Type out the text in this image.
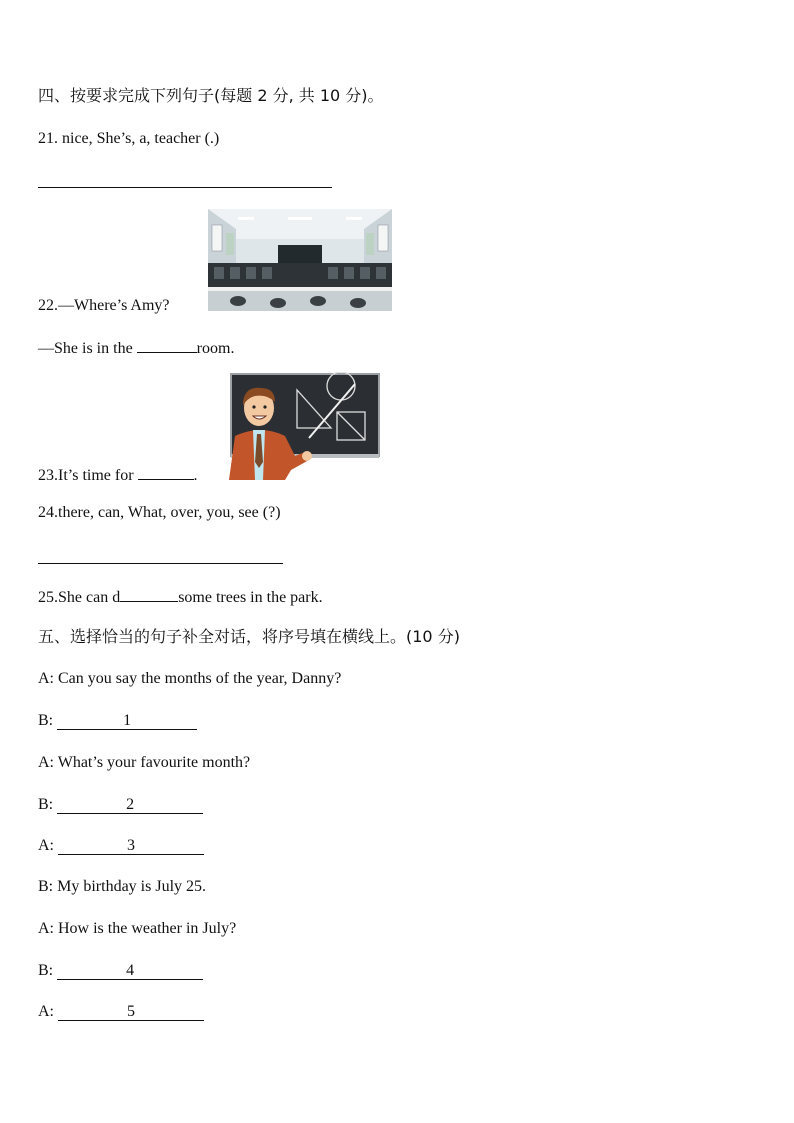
四、按要求完成下列句子(每题 2 分, 共 10 分)。
21. nice, She’s, a, teacher (.)
22.—Where’s Amy?
—She is in the	room.
23.It’s time for	.
24.there, can, What, over, you, see (?)
25.She can d	some trees in the park.
五、选择恰当的句子补全对话，将序号填在横线上。(10 分)
A: Can you say the months of the year, Danny?
B:	1
A: What’s your favourite month?
B:	2
A:	3
B: My birthday is July 25.
A: How is the weather in July?
B:	4
A:	5
